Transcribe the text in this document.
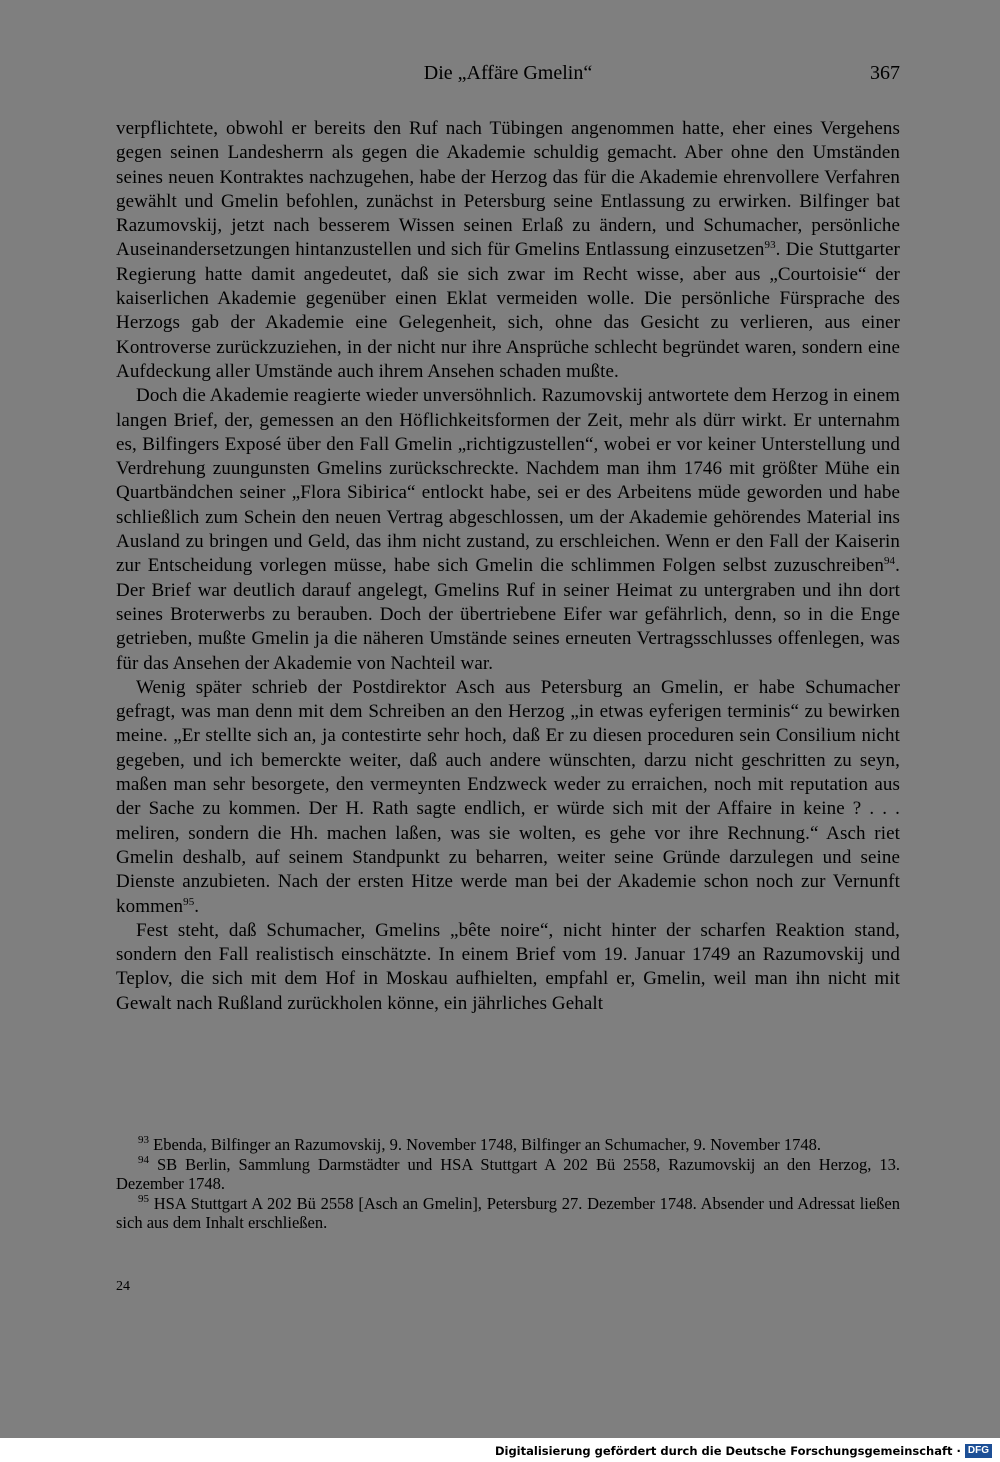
Die „Affäre Gmelin“	367

verpflichtete, obwohl er bereits den Ruf nach Tübingen angenommen hatte, eher eines Vergehens gegen seinen Landesherrn als gegen die Akademie schuldig gemacht. Aber ohne den Umständen seines neuen Kontraktes nachzugehen, habe der Herzog das für die Akademie ehrenvollere Verfahren gewählt und Gmelin befohlen, zunächst in Petersburg seine Entlassung zu erwirken. Bilfinger bat Razumovskij, jetzt nach besserem Wissen seinen Erlaß zu ändern, und Schumacher, persönliche Auseinandersetzungen hintanzustellen und sich für Gmelins Entlassung einzusetzen$^{93}$. Die Stuttgarter Regierung hatte damit angedeutet, daß sie sich zwar im Recht wisse, aber aus „Courtoisie“ der kaiserlichen Akademie gegenüber einen Eklat vermeiden wolle. Die persönliche Fürsprache des Herzogs gab der Akademie eine Gelegenheit, sich, ohne das Gesicht zu verlieren, aus einer Kontroverse zurückzuziehen, in der nicht nur ihre Ansprüche schlecht begründet waren, sondern eine Aufdeckung aller Umstände auch ihrem Ansehen schaden mußte.

Doch die Akademie reagierte wieder unversöhnlich. Razumovskij antwortete dem Herzog in einem langen Brief, der, gemessen an den Höflichkeitsformen der Zeit, mehr als dürr wirkt. Er unternahm es, Bilfingers Exposé über den Fall Gmelin „richtigzustellen“, wobei er vor keiner Unterstellung und Verdrehung zuungunsten Gmelins zurückschreckte. Nachdem man ihm 1746 mit größter Mühe ein Quartbändchen seiner „Flora Sibirica“ entlockt habe, sei er des Arbeitens müde geworden und habe schließlich zum Schein den neuen Vertrag abgeschlossen, um der Akademie gehörendes Material ins Ausland zu bringen und Geld, das ihm nicht zustand, zu erschleichen. Wenn er den Fall der Kaiserin zur Entscheidung vorlegen müsse, habe sich Gmelin die schlimmen Folgen selbst zuzuschreiben$^{94}$. Der Brief war deutlich darauf angelegt, Gmelins Ruf in seiner Heimat zu untergraben und ihn dort seines Broterwerbs zu berauben. Doch der übertriebene Eifer war gefährlich, denn, so in die Enge getrieben, mußte Gmelin ja die näheren Umstände seines erneuten Vertragsschlusses offenlegen, was für das Ansehen der Akademie von Nachteil war.

Wenig später schrieb der Postdirektor Asch aus Petersburg an Gmelin, er habe Schumacher gefragt, was man denn mit dem Schreiben an den Herzog „in etwas eyferigen terminis“ zu bewirken meine. „Er stellte sich an, ja contestirte sehr hoch, daß Er zu diesen proceduren sein Consilium nicht gegeben, und ich bemerckte weiter, daß auch andere wünschten, darzu nicht geschritten zu seyn, maßen man sehr besorgete, den vermeynten Endzweck weder zu erraichen, noch mit reputation aus der Sache zu kommen. Der H. Rath sagte endlich, er würde sich mit der Affaire in keine ? . . . meliren, sondern die Hh. machen laßen, was sie wolten, es gehe vor ihre Rechnung.“ Asch riet Gmelin deshalb, auf seinem Standpunkt zu beharren, weiter seine Gründe darzulegen und seine Dienste anzubieten. Nach der ersten Hitze werde man bei der Akademie schon noch zur Vernunft kommen$^{95}$.

Fest steht, daß Schumacher, Gmelins „bête noire“, nicht hinter der scharfen Reaktion stand, sondern den Fall realistisch einschätzte. In einem Brief vom 19. Januar 1749 an Razumovskij und Teplov, die sich mit dem Hof in Moskau aufhielten, empfahl er, Gmelin, weil man ihn nicht mit Gewalt nach Rußland zurückholen könne, ein jährliches Gehalt

$^{93}$ Ebenda, Bilfinger an Razumovskij, 9. November 1748, Bilfinger an Schumacher, 9. November 1748.

$^{94}$ SB Berlin, Sammlung Darmstädter und HSA Stuttgart A 202 Bü 2558, Razumovskij an den Herzog, 13. Dezember 1748.

$^{95}$ HSA Stuttgart A 202 Bü 2558 [Asch an Gmelin], Petersburg 27. Dezember 1748. Absender und Adressat ließen sich aus dem Inhalt erschließen.

24
Digitalisierung gefördert durch die Deutsche Forschungsgemeinschaft · DFG
